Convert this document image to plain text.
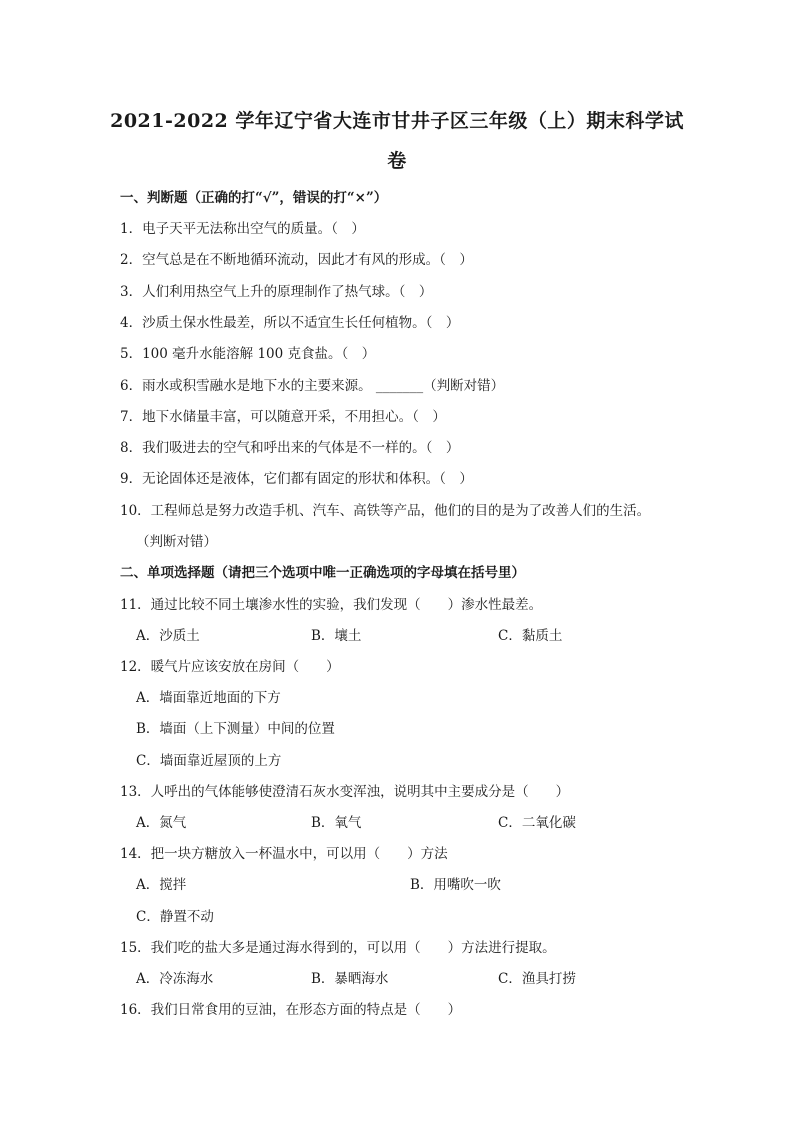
2021-2022 学年辽宁省大连市甘井子区三年级（上）期末科学试
卷
一、判断题（正确的打“√”，错误的打“×”）
1．电子天平无法称出空气的质量。（　）
2．空气总是在不断地循环流动，因此才有风的形成。（　）
3．人们利用热空气上升的原理制作了热气球。（　）
4．沙质土保水性最差，所以不适宜生长任何植物。（　）
5．100 毫升水能溶解 100 克食盐。（　）
6．雨水或积雪融水是地下水的主要来源。 _______（判断对错）
7．地下水储量丰富，可以随意开采，不用担心。（　）
8．我们吸进去的空气和呼出来的气体是不一样的。（　）
9．无论固体还是液体，它们都有固定的形状和体积。（　）
10．工程师总是努力改造手机、汽车、高铁等产品，他们的目的是为了改善人们的生活。
（判断对错）
二、单项选择题（请把三个选项中唯一正确选项的字母填在括号里）
11．通过比较不同土壤渗水性的实验，我们发现（　　）渗水性最差。
A．沙质土	B．壤土	C．黏质土
12．暖气片应该安放在房间（　　）
A．墙面靠近地面的下方
B．墙面（上下测量）中间的位置
C．墙面靠近屋顶的上方
13．人呼出的气体能够使澄清石灰水变浑浊，说明其中主要成分是（　　）
A．氮气	B．氧气	C．二氧化碳
14．把一块方糖放入一杯温水中，可以用（　　）方法
A．搅拌	B．用嘴吹一吹
C．静置不动
15．我们吃的盐大多是通过海水得到的，可以用（　　）方法进行提取。
A．冷冻海水	B．暴晒海水	C．渔具打捞
16．我们日常食用的豆油，在形态方面的特点是（　　）
